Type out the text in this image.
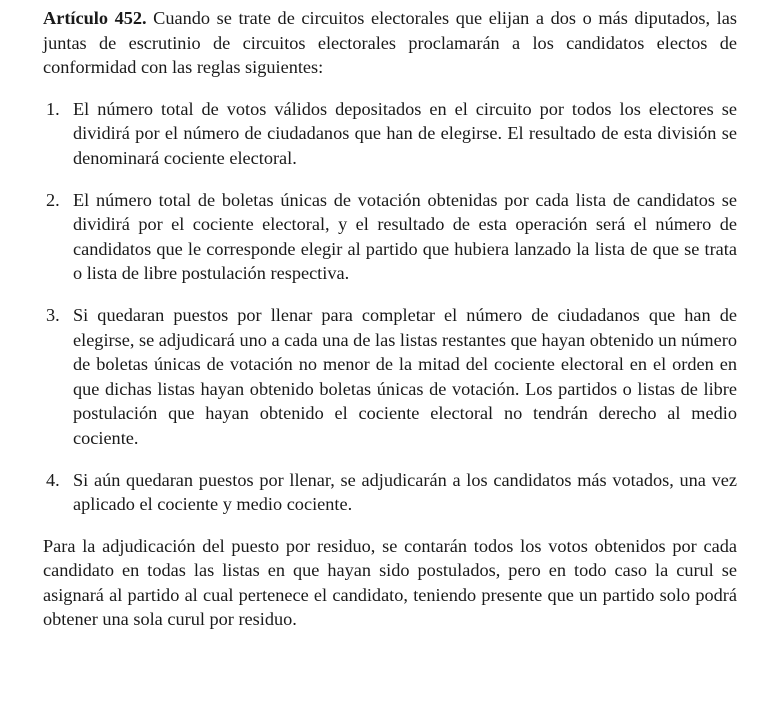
Artículo 452. Cuando se trate de circuitos electorales que elijan a dos o más diputados, las juntas de escrutinio de circuitos electorales proclamarán a los candidatos electos de conformidad con las reglas siguientes:

1. El número total de votos válidos depositados en el circuito por todos los electores se dividirá por el número de ciudadanos que han de elegirse. El resultado de esta división se denominará cociente electoral.
2. El número total de boletas únicas de votación obtenidas por cada lista de candidatos se dividirá por el cociente electoral, y el resultado de esta operación será el número de candidatos que le corresponde elegir al partido que hubiera lanzado la lista de que se trata o lista de libre postulación respectiva.
3. Si quedaran puestos por llenar para completar el número de ciudadanos que han de elegirse, se adjudicará uno a cada una de las listas restantes que hayan obtenido un número de boletas únicas de votación no menor de la mitad del cociente electoral en el orden en que dichas listas hayan obtenido boletas únicas de votación. Los partidos o listas de libre postulación que hayan obtenido el cociente electoral no tendrán derecho al medio cociente.
4. Si aún quedaran puestos por llenar, se adjudicarán a los candidatos más votados, una vez aplicado el cociente y medio cociente.

Para la adjudicación del puesto por residuo, se contarán todos los votos obtenidos por cada candidato en todas las listas en que hayan sido postulados, pero en todo caso la curul se asignará al partido al cual pertenece el candidato, teniendo presente que un partido solo podrá obtener una sola curul por residuo.
